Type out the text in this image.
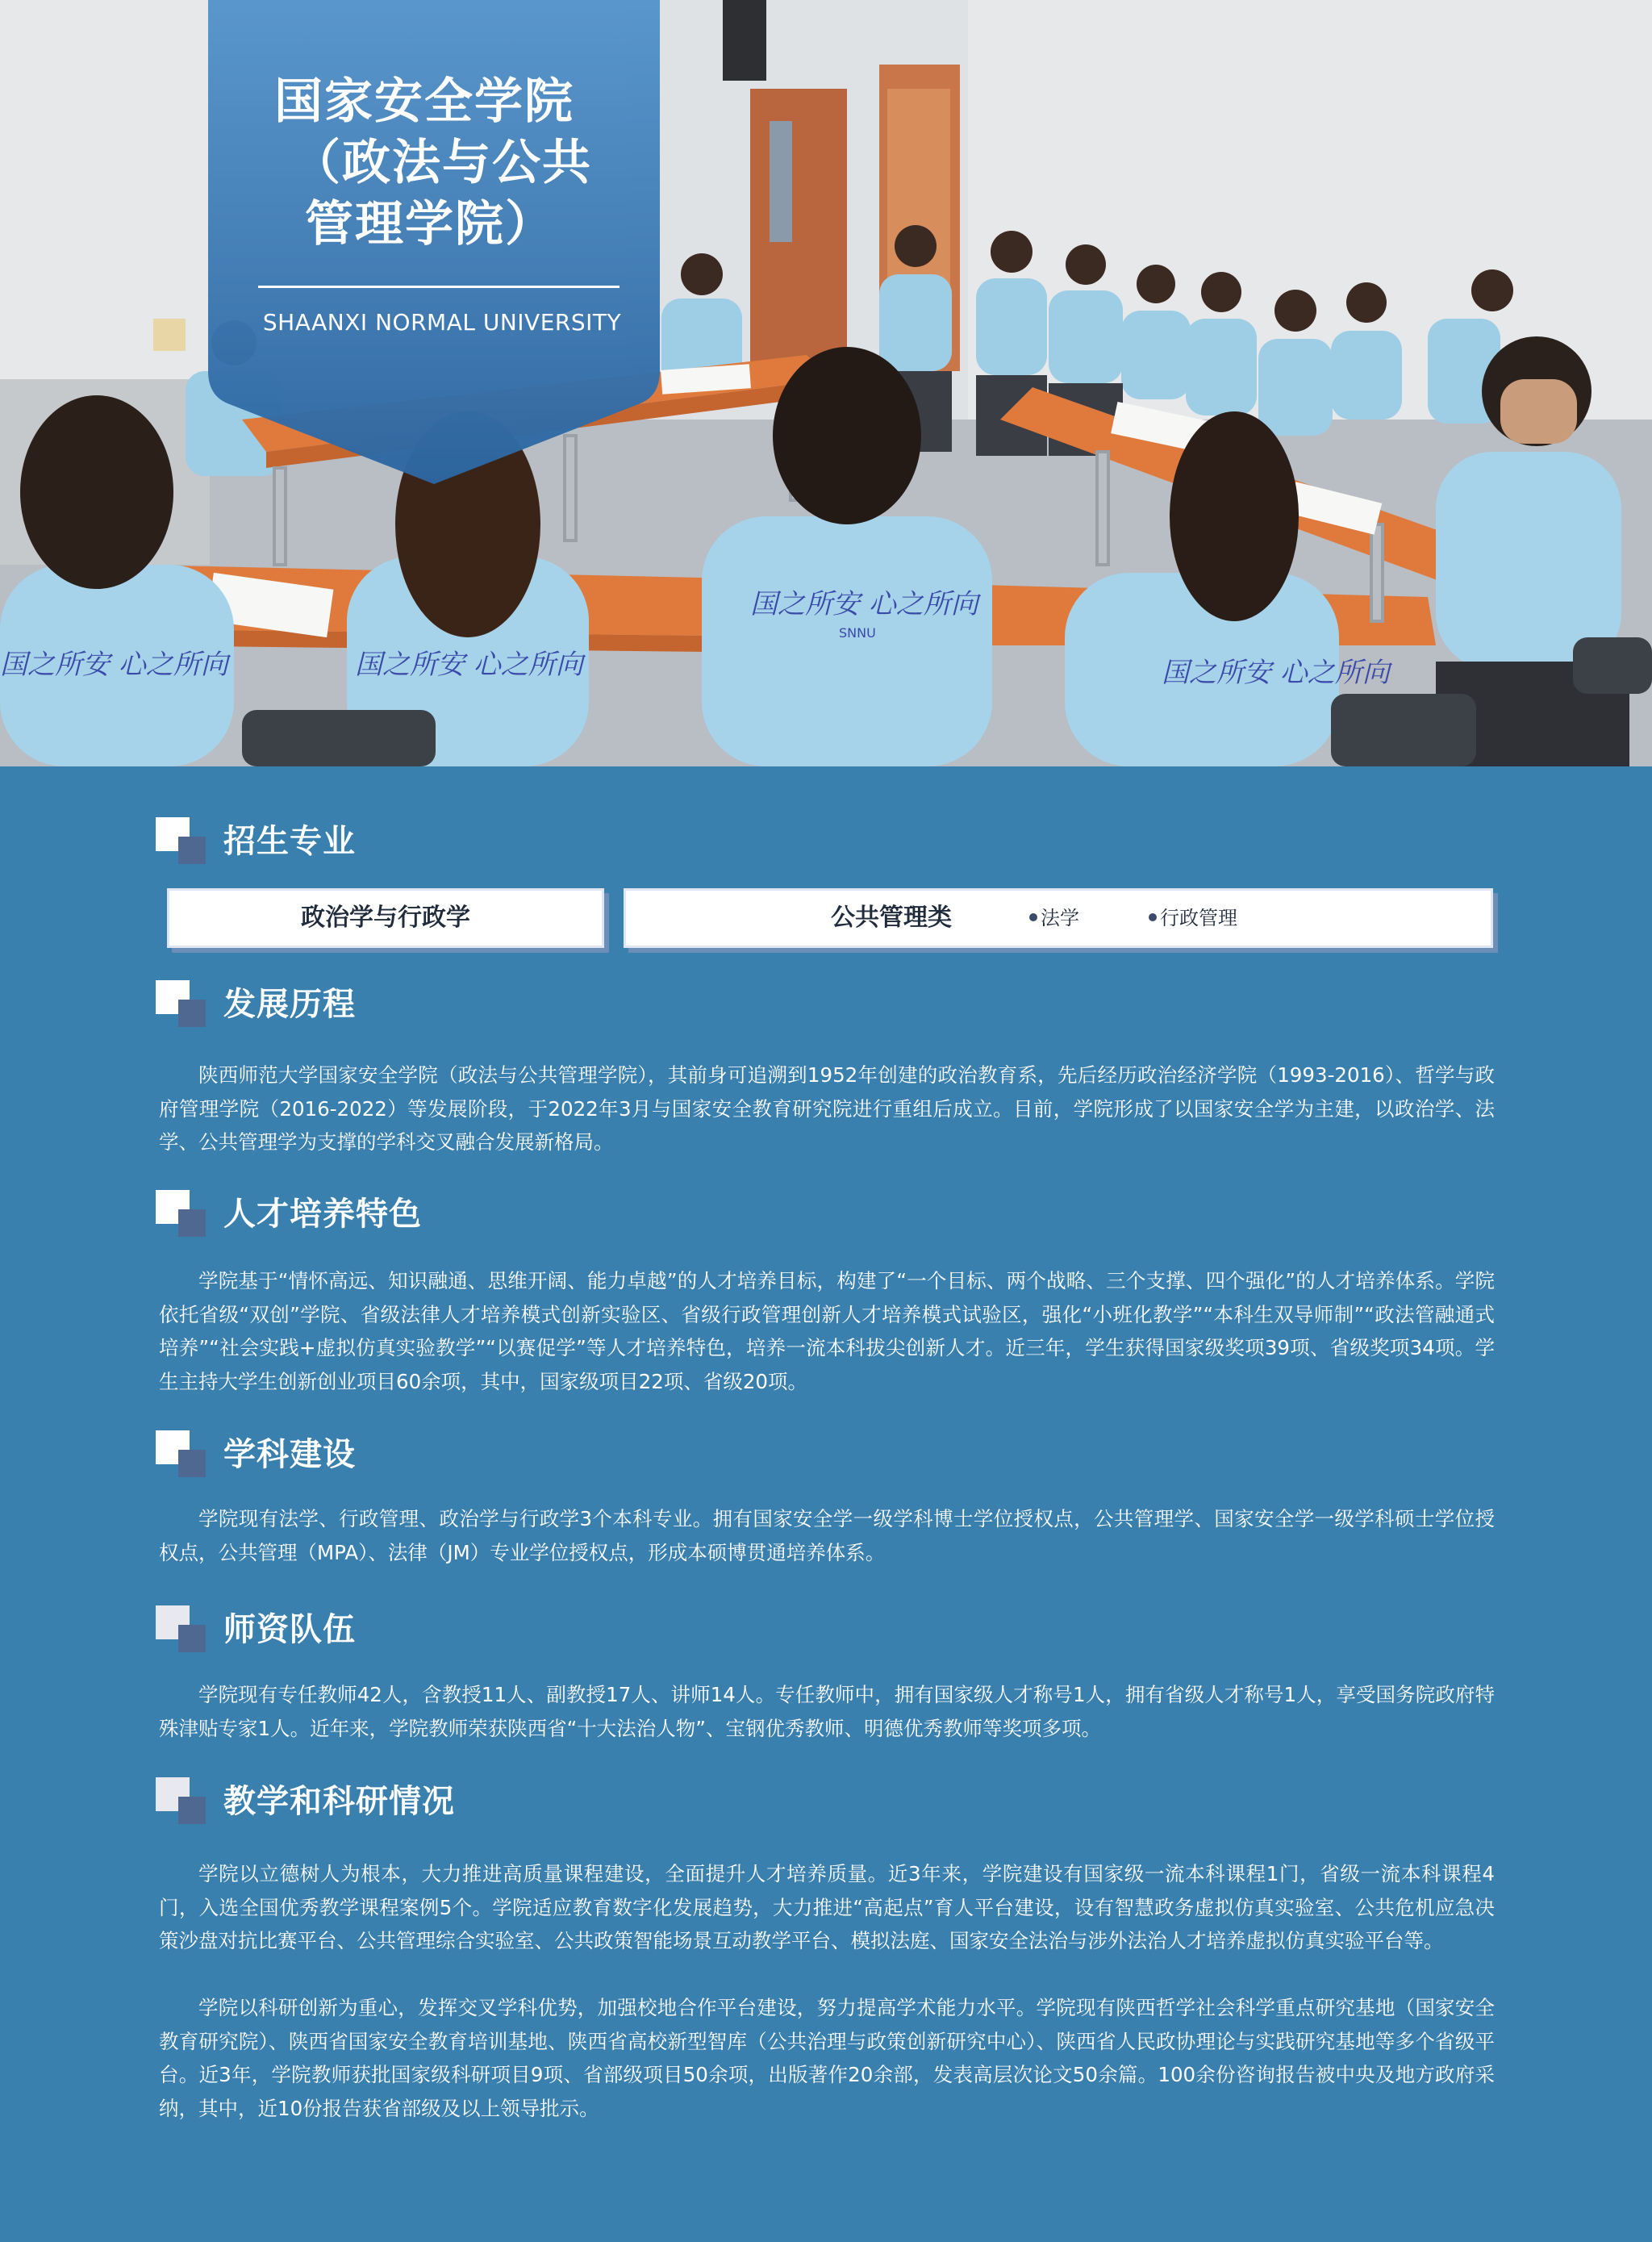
国之所安 心之所向
国之所安 心之所向	国之所安 心之所向	国之所安 心之所向
SNNU
国家安全学院
（政法与公共
管理学院）
SHAANXI NORMAL UNIVERSITY
招生专业
政治学与行政学	公共管理类	法学	行政管理
发展历程

陕西师范大学国家安全学院（政法与公共管理学院），其前身可追溯到1952年创建的政治教育系，先后经历政治经济学院（1993-2016）、哲学与政府管理学院（2016-2022）等发展阶段，于2022年3月与国家安全教育研究院进行重组后成立。目前，学院形成了以国家安全学为主建，以政治学、法学、公共管理学为支撑的学科交叉融合发展新格局。

人才培养特色

学院基于“情怀高远、知识融通、思维开阔、能力卓越”的人才培养目标，构建了“一个目标、两个战略、三个支撑、四个强化”的人才培养体系。学院依托省级“双创”学院、省级法律人才培养模式创新实验区、省级行政管理创新人才培养模式试验区，强化“小班化教学”“本科生双导师制”“政法管融通式培养”“社会实践+虚拟仿真实验教学”“以赛促学”等人才培养特色，培养一流本科拔尖创新人才。近三年，学生获得国家级奖项39项、省级奖项34项。学生主持大学生创新创业项目60余项，其中，国家级项目22项、省级20项。

学科建设

学院现有法学、行政管理、政治学与行政学3个本科专业。拥有国家安全学一级学科博士学位授权点，公共管理学、国家安全学一级学科硕士学位授权点，公共管理（MPA）、法律（JM）专业学位授权点，形成本硕博贯通培养体系。

师资队伍

学院现有专任教师42人，含教授11人、副教授17人、讲师14人。专任教师中，拥有国家级人才称号1人，拥有省级人才称号1人，享受国务院政府特殊津贴专家1人。近年来，学院教师荣获陕西省“十大法治人物”、宝钢优秀教师、明德优秀教师等奖项多项。

教学和科研情况

学院以立德树人为根本，大力推进高质量课程建设，全面提升人才培养质量。近3年来，学院建设有国家级一流本科课程1门，省级一流本科课程4门，入选全国优秀教学课程案例5个。学院适应教育数字化发展趋势，大力推进“高起点”育人平台建设，设有智慧政务虚拟仿真实验室、公共危机应急决策沙盘对抗比赛平台、公共管理综合实验室、公共政策智能场景互动教学平台、模拟法庭、国家安全法治与涉外法治人才培养虚拟仿真实验平台等。

学院以科研创新为重心，发挥交叉学科优势，加强校地合作平台建设，努力提高学术能力水平。学院现有陕西哲学社会科学重点研究基地（国家安全教育研究院）、陕西省国家安全教育培训基地、陕西省高校新型智库（公共治理与政策创新研究中心）、陕西省人民政协理论与实践研究基地等多个省级平台。近3年，学院教师获批国家级科研项目9项、省部级项目50余项，出版著作20余部，发表高层次论文50余篇。100余份咨询报告被中央及地方政府采纳，其中，近10份报告获省部级及以上领导批示。
